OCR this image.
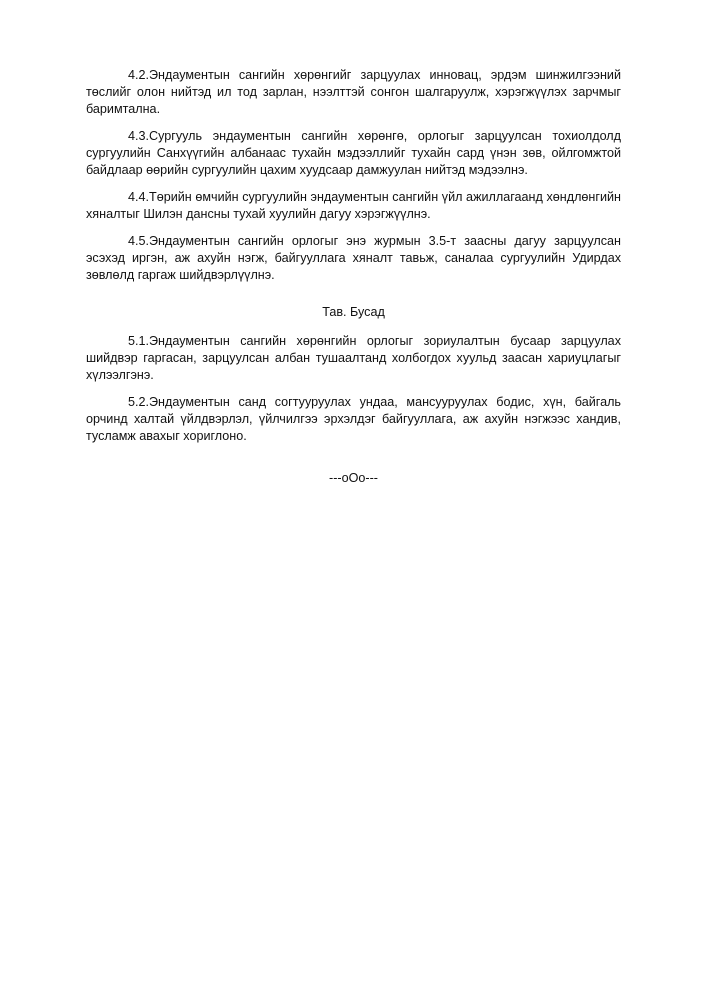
4.2.Эндаументын сангийн хөрөнгийг зарцуулах инновац, эрдэм шинжилгээний төслийг олон нийтэд ил тод зарлан, нээлттэй сонгон шалгаруулж, хэрэгжүүлэх зарчмыг баримтална.

4.3.Сургууль эндаументын сангийн хөрөнгө, орлогыг зарцуулсан тохиолдолд сургуулийн Санхүүгийн албанаас тухайн мэдээллийг тухайн сард үнэн зөв, ойлгомжтой байдлаар өөрийн сургуулийн цахим хуудсаар дамжуулан нийтэд мэдээлнэ.

4.4.Төрийн өмчийн сургуулийн эндаументын сангийн үйл ажиллагаанд хөндлөнгийн хяналтыг Шилэн дансны тухай хуулийн дагуу хэрэгжүүлнэ.

4.5.Эндаументын сангийн орлогыг энэ журмын 3.5-т заасны дагуу зарцуулсан эсэхэд иргэн, аж ахуйн нэгж, байгууллага хяналт тавьж, саналаа сургуулийн Удирдах зөвлөлд гаргаж шийдвэрлүүлнэ.

Тав. Бусад

5.1.Эндаументын сангийн хөрөнгийн орлогыг зориулалтын бусаар зарцуулах шийдвэр гаргасан, зарцуулсан албан тушаалтанд холбогдох хуульд заасан хариуцлагыг хүлээлгэнэ.

5.2.Эндаументын санд согтууруулах ундаа, мансууруулах бодис, хүн, байгаль орчинд халтай үйлдвэрлэл, үйлчилгээ эрхэлдэг байгууллага, аж ахуйн нэгжээс хандив, тусламж авахыг хориглоно.

---oOo---
